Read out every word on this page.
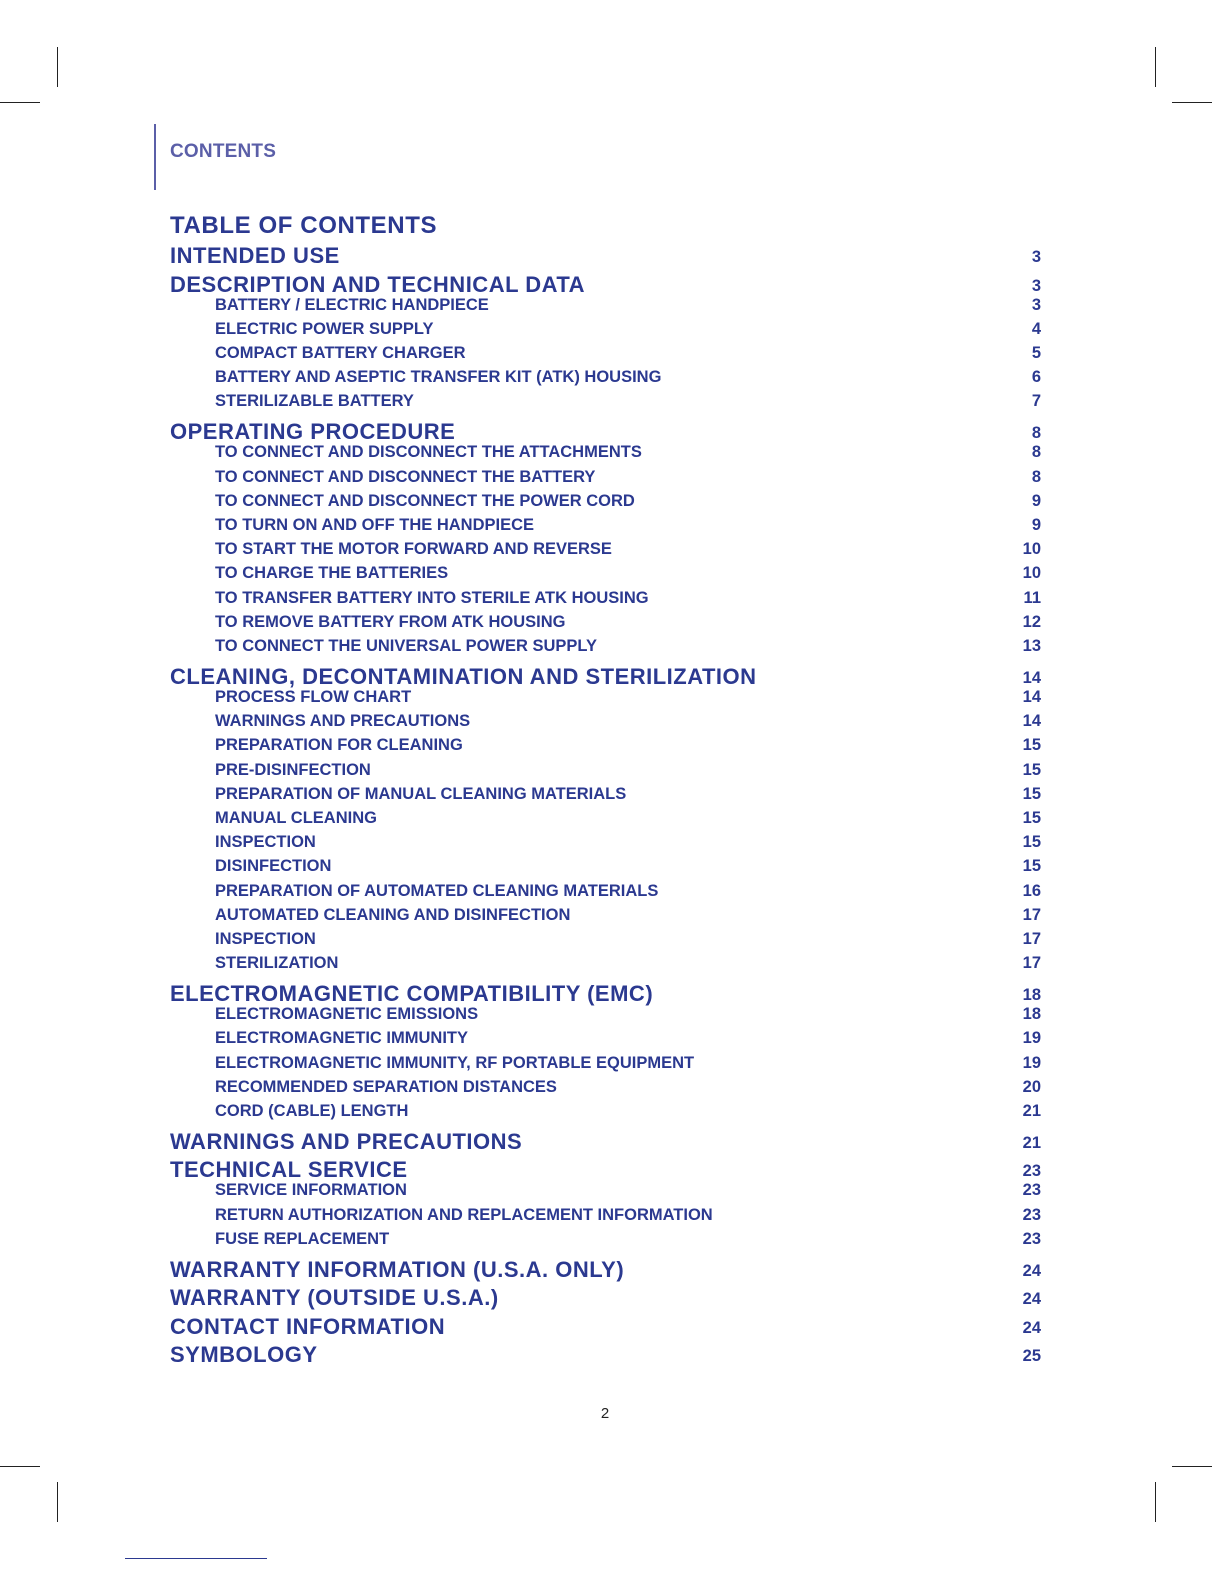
CONTENTS
TABLE OF CONTENTS
INTENDED USE	3
DESCRIPTION AND TECHNICAL DATA	3
BATTERY / ELECTRIC HANDPIECE	3
ELECTRIC POWER SUPPLY	4
COMPACT BATTERY CHARGER	5
BATTERY AND ASEPTIC TRANSFER KIT (ATK) HOUSING	6
STERILIZABLE BATTERY	7
OPERATING PROCEDURE	8
TO CONNECT AND DISCONNECT THE ATTACHMENTS	8
TO CONNECT AND DISCONNECT THE BATTERY	8
TO CONNECT AND DISCONNECT THE POWER CORD	9
TO TURN ON AND OFF THE HANDPIECE	9
TO START THE MOTOR FORWARD AND REVERSE	10
TO CHARGE THE BATTERIES	10
TO TRANSFER BATTERY INTO STERILE ATK HOUSING	11
TO REMOVE BATTERY FROM ATK HOUSING	12
TO CONNECT THE UNIVERSAL POWER SUPPLY	13
CLEANING, DECONTAMINATION AND STERILIZATION	14
PROCESS FLOW CHART	14
WARNINGS AND PRECAUTIONS	14
PREPARATION FOR CLEANING	15
PRE-DISINFECTION	15
PREPARATION OF MANUAL CLEANING MATERIALS	15
MANUAL CLEANING	15
INSPECTION	15
DISINFECTION	15
PREPARATION OF AUTOMATED CLEANING MATERIALS	16
AUTOMATED CLEANING AND DISINFECTION	17
INSPECTION	17
STERILIZATION	17
ELECTROMAGNETIC COMPATIBILITY (EMC)	18
ELECTROMAGNETIC EMISSIONS	18
ELECTROMAGNETIC IMMUNITY	19
ELECTROMAGNETIC IMMUNITY, RF PORTABLE EQUIPMENT	19
RECOMMENDED SEPARATION DISTANCES	20
CORD (CABLE) LENGTH	21
WARNINGS AND PRECAUTIONS	21
TECHNICAL SERVICE	23
SERVICE INFORMATION	23
RETURN AUTHORIZATION AND REPLACEMENT INFORMATION	23
FUSE REPLACEMENT	23
WARRANTY INFORMATION (U.S.A. ONLY)	24
WARRANTY (OUTSIDE U.S.A.)	24
CONTACT INFORMATION	24
SYMBOLOGY	25
2
